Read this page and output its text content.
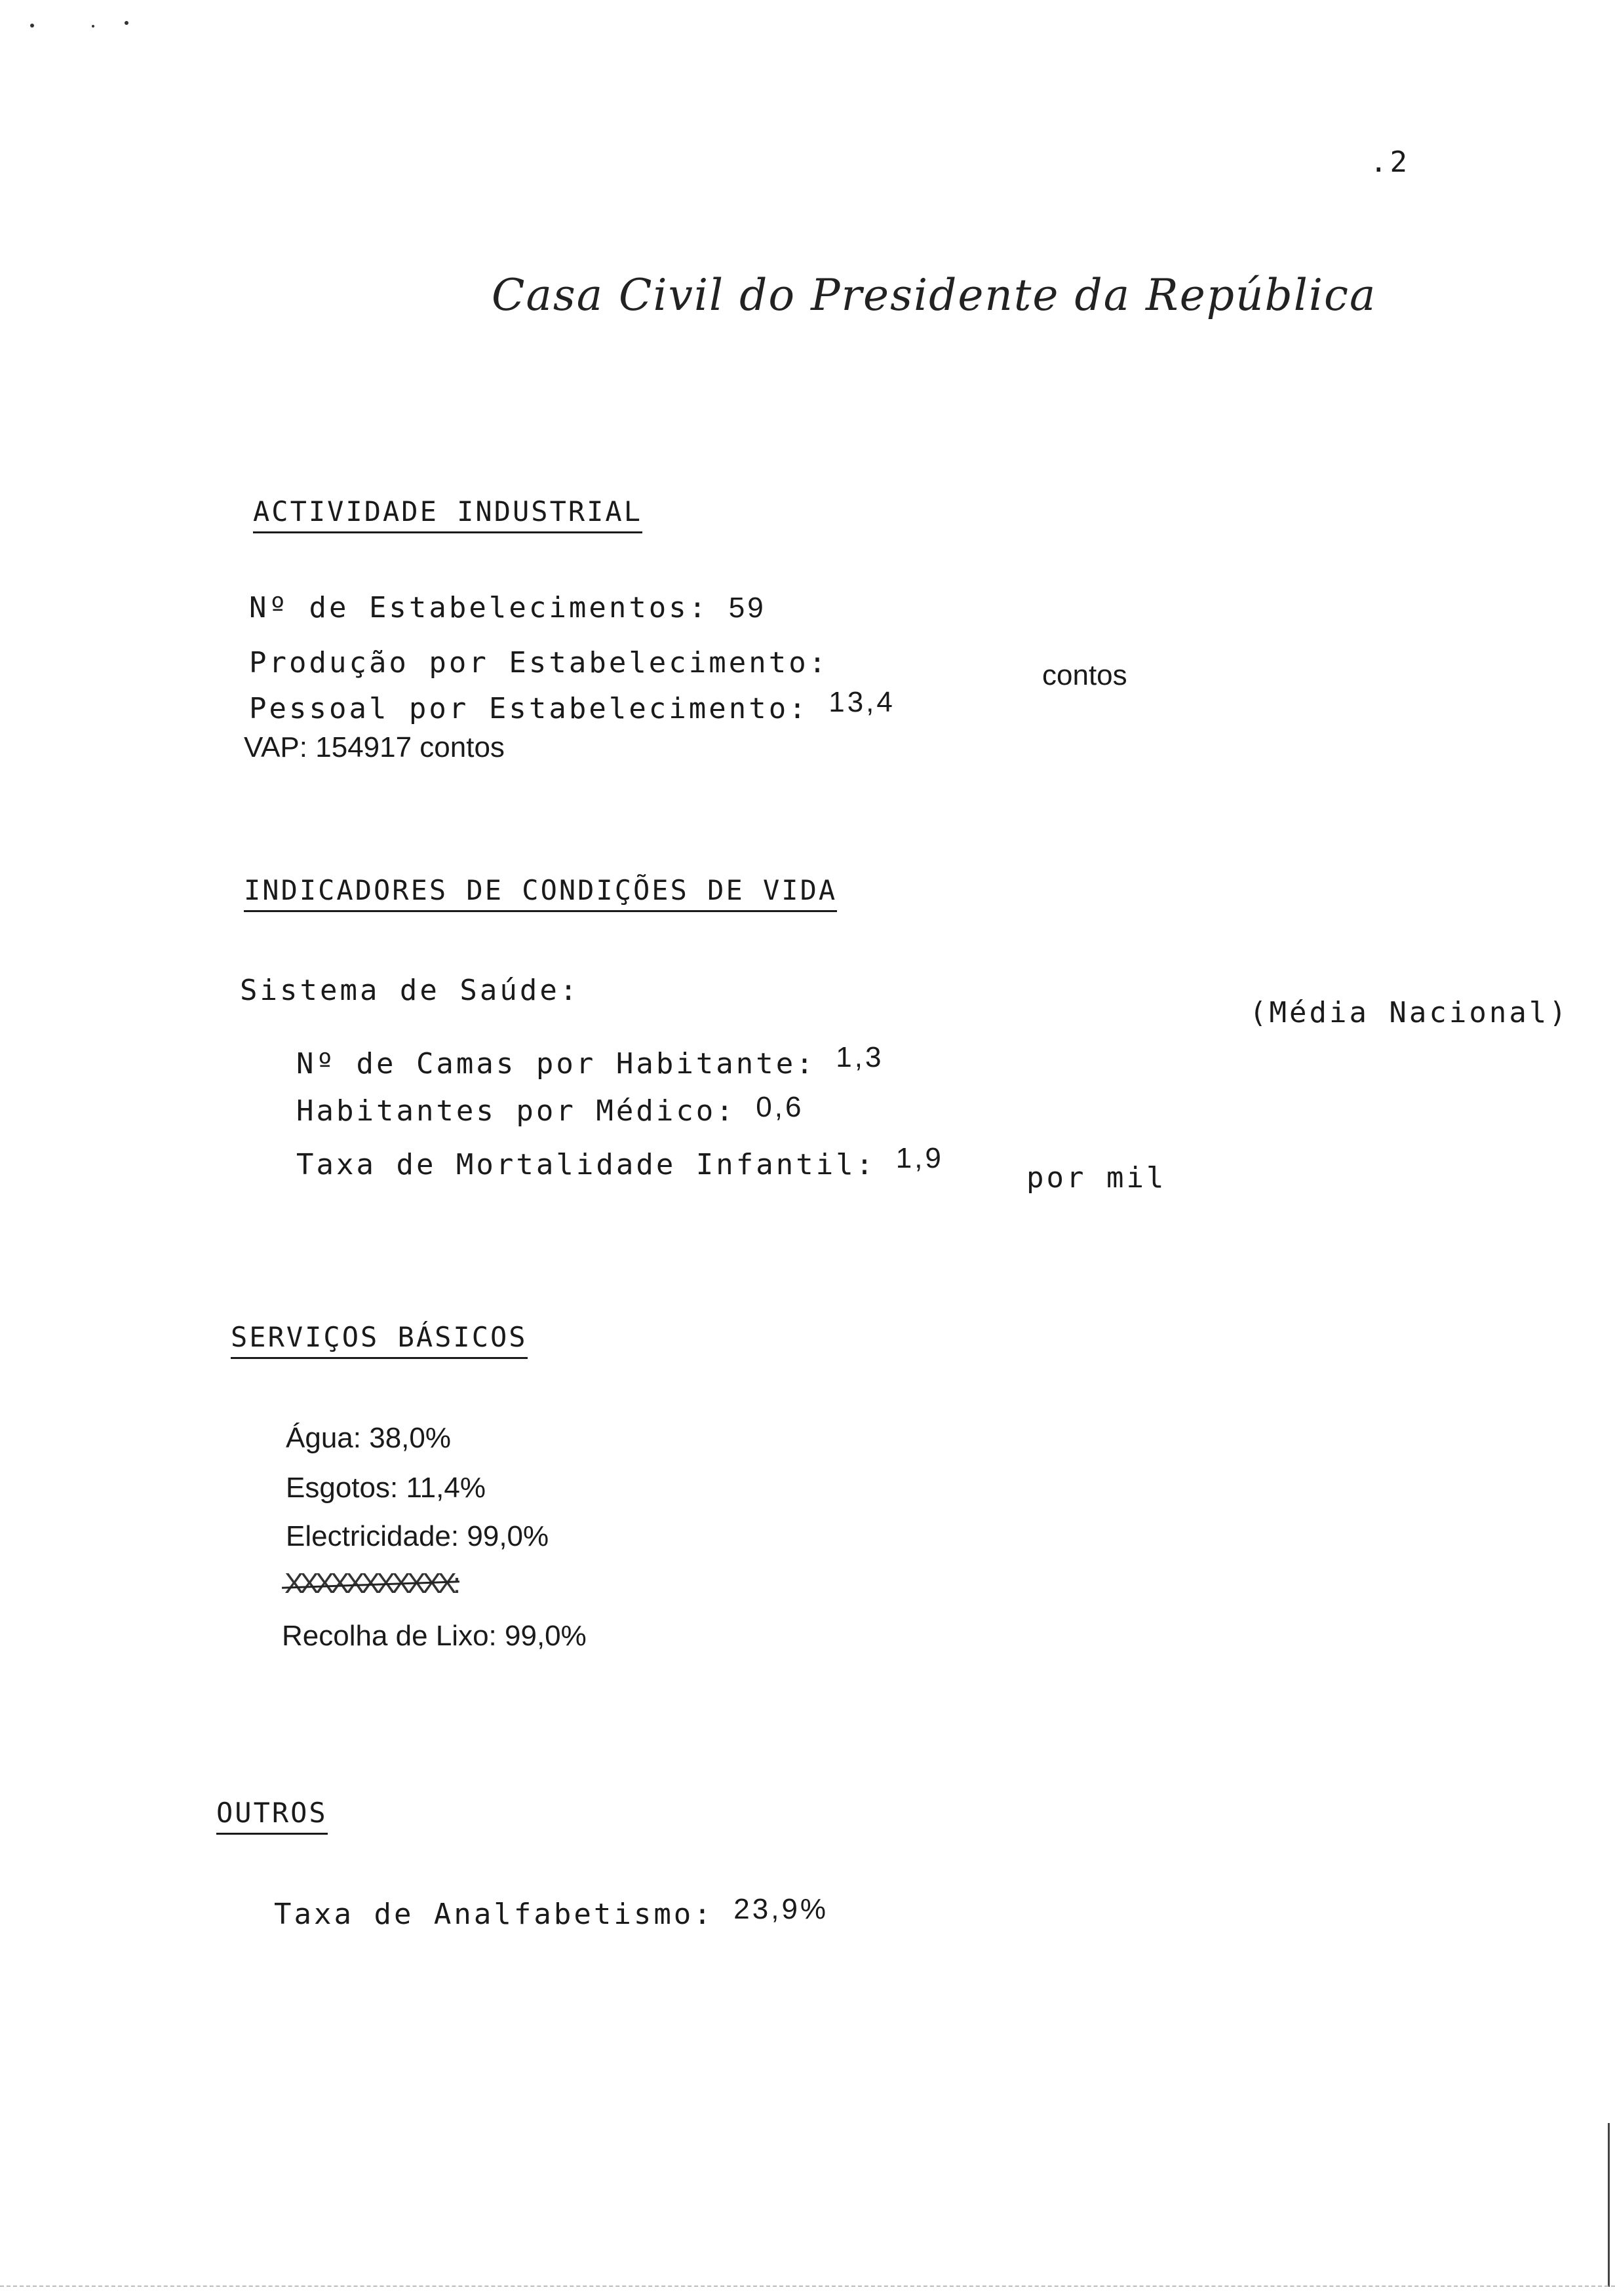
.2
Casa Civil do Presidente da República
ACTIVIDADE INDUSTRIAL
Nº de Estabelecimentos: 59
Produção por Estabelecimento:	contos
Pessoal por Estabelecimento: 13,4
VAP: 154917 contos
INDICADORES DE CONDIÇÕES DE VIDA
Sistema de Saúde:
(Média Nacional)
Nº de Camas por Habitante: 1,3
Habitantes por Médico: 0,6
Taxa de Mortalidade Infantil: 1,9
por mil
SERVIÇOS BÁSICOS
Água: 38,0%
Esgotos: 11,4%
Electricidade: 99,0%
XXXXXXXXXXX:
Recolha de Lixo: 99,0%
OUTROS
Taxa de Analfabetismo: 23,9%
